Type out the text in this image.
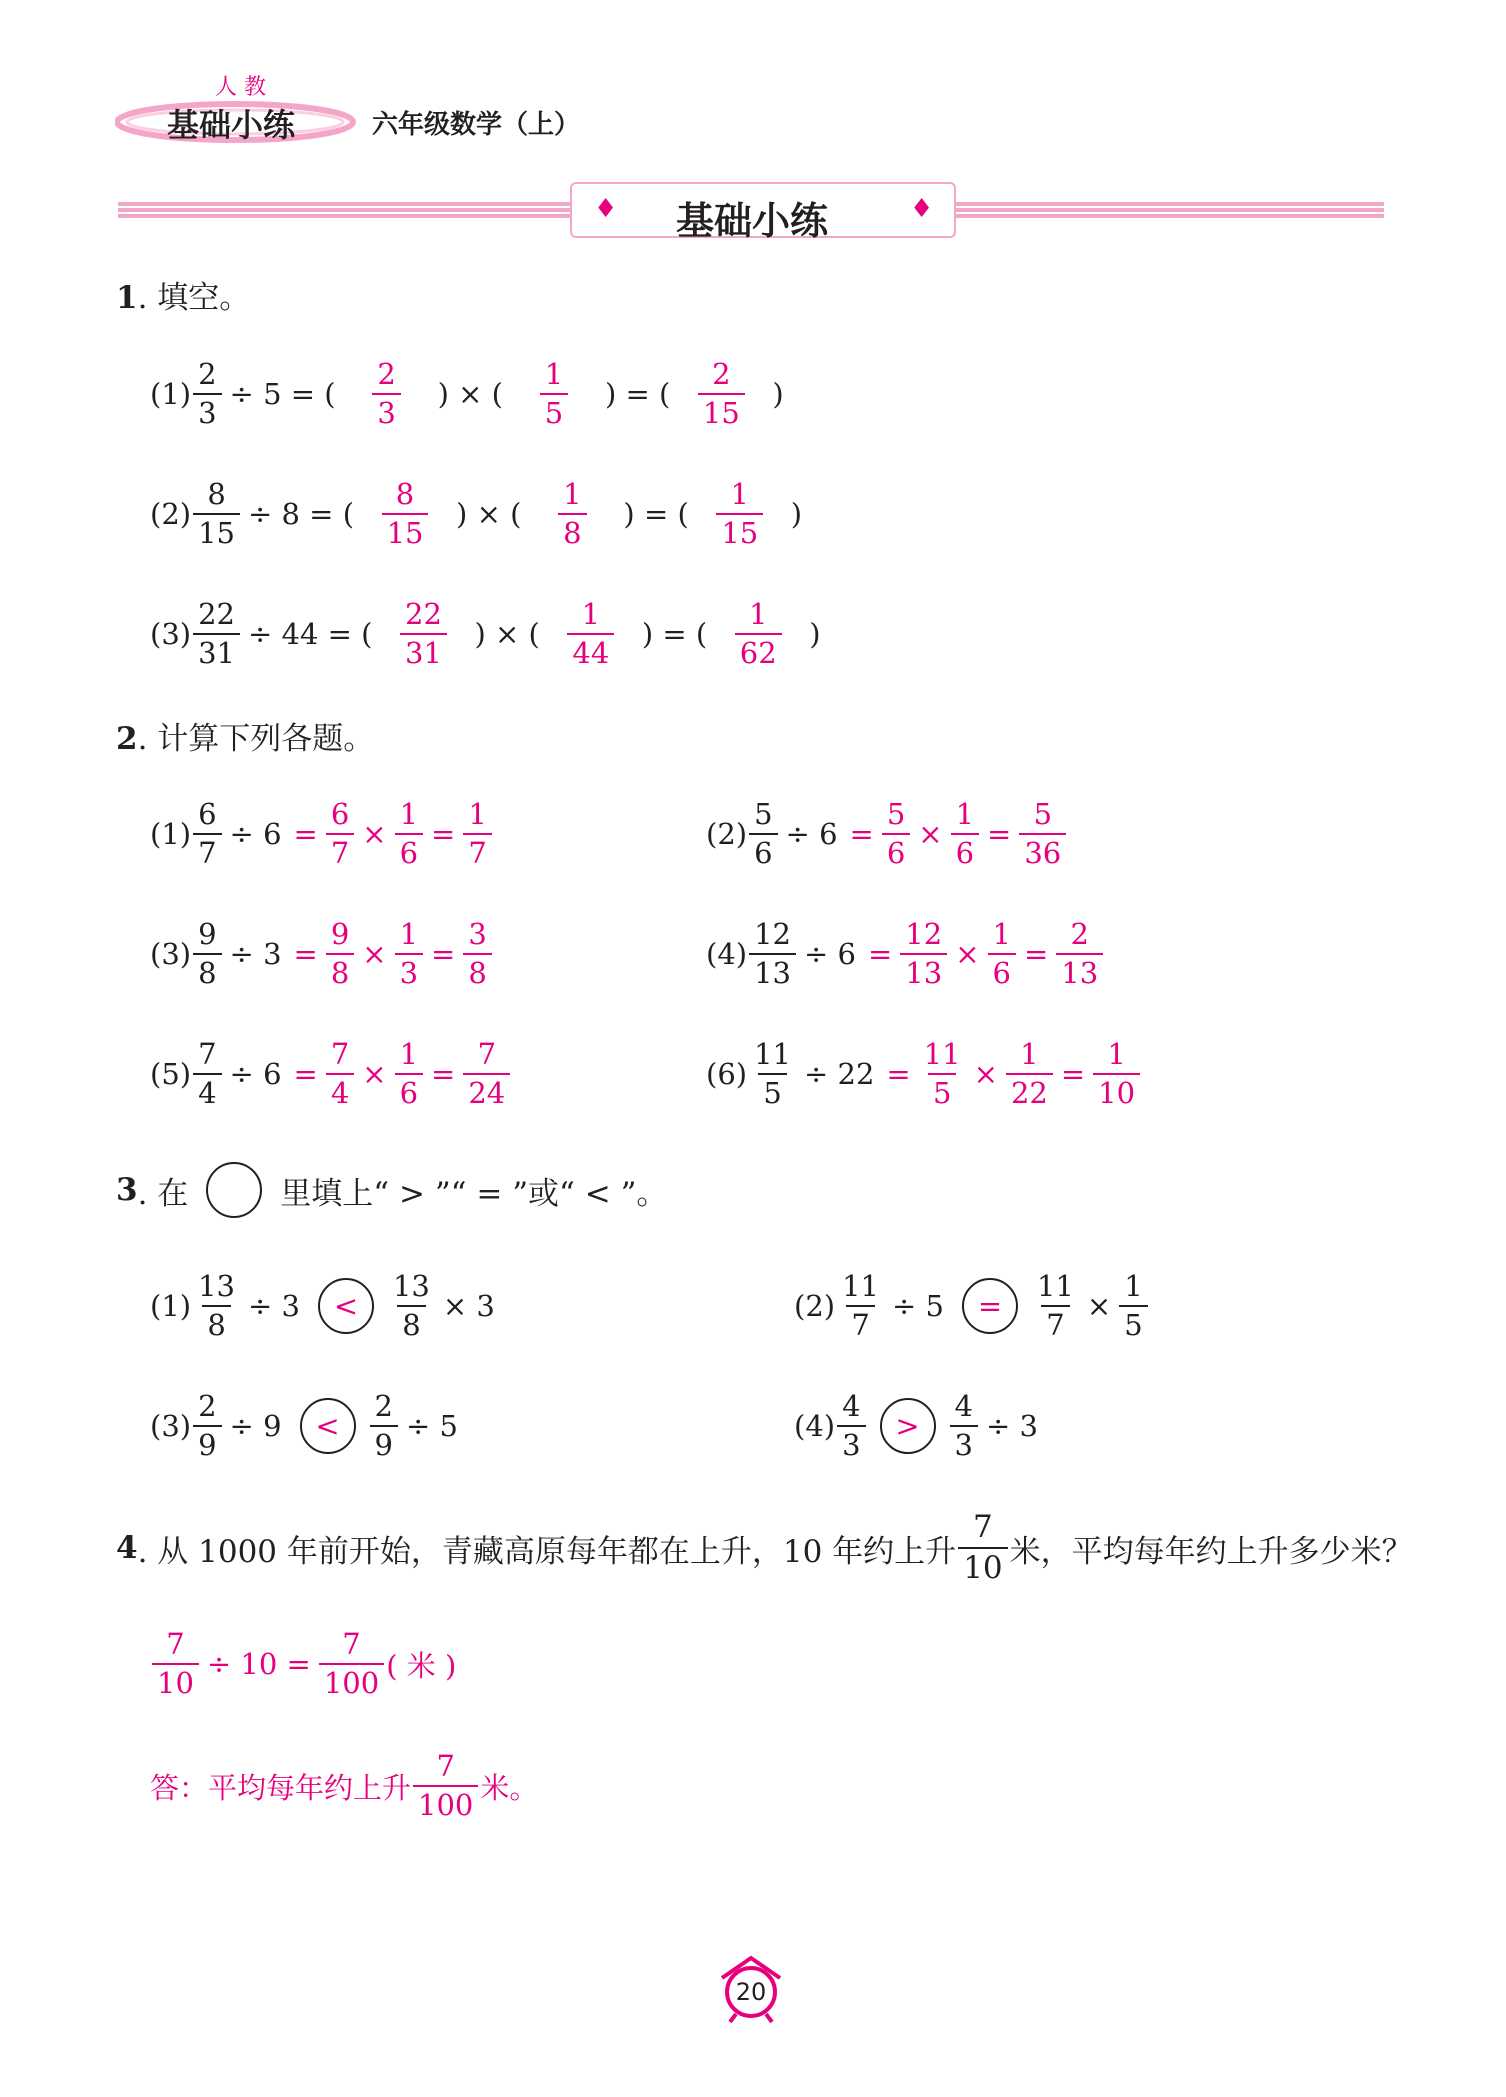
人 教
基础小练	六年级数学（上）
♦ 基础小练	♦
1. 填空。
$(1) \frac{2}{3} \div 5$ = ( $\frac{2}{3}$ ) × ( $\frac{1}{5}$ ) = ( $\frac{2}{15}$ )
$(2) \frac{8}{15} \div 8$ = ( $\frac{8}{15}$ ) × ( $\frac{1}{8}$ ) = ( $\frac{1}{15}$ )
$(3) \frac{22}{31} \div 44$ = ( $\frac{22}{31}$ ) × ( $\frac{1}{44}$ ) = ( $\frac{1}{62}$ )
2. 计算下列各题。
$(1) \frac{6}{7} \div 6 = \frac{6}{7} \times \frac{1}{6} = \frac{1}{7}$	$(2) \frac{5}{6} \div 6 = \frac{5}{6} \times \frac{1}{6} = \frac{5}{36}$
$(3) \frac{9}{8} \div 3 = \frac{9}{8} \times \frac{1}{3} = \frac{3}{8}$	$(4) \frac{12}{13} \div 6 = \frac{12}{13} \times \frac{1}{6} = \frac{2}{13}$
$(5) \frac{7}{4} \div 6 = \frac{7}{4} \times \frac{1}{6} = \frac{7}{24}$	$(6) \frac{11}{5} \div 22 = \frac{11}{5} \times \frac{1}{22} = \frac{1}{10}$
3 . 在	里填上“ > ”“ = ”或“ < ”。
$(1) \frac{13}{8} \div 3 < \frac{13}{8} \times 3$	$(2) \frac{11}{7} \div 5 = \frac{11}{7} \times \frac{1}{5}$
$(3) \frac{2}{9} \div 9 < \frac{2}{9} \div 5$	$(4) \frac{4}{3} > \frac{4}{3} \div 3$
4 . 从 1000 年前开始，青藏高原每年都在上升，10 年约上升 $\frac{7}{10}$ 米，平均每年约上升多少米？
$\frac{7}{10} \div 10 = \frac{7}{100}$ ( 米 )
答：平均每年约上升 $\frac{7}{100}$ 米。
20
